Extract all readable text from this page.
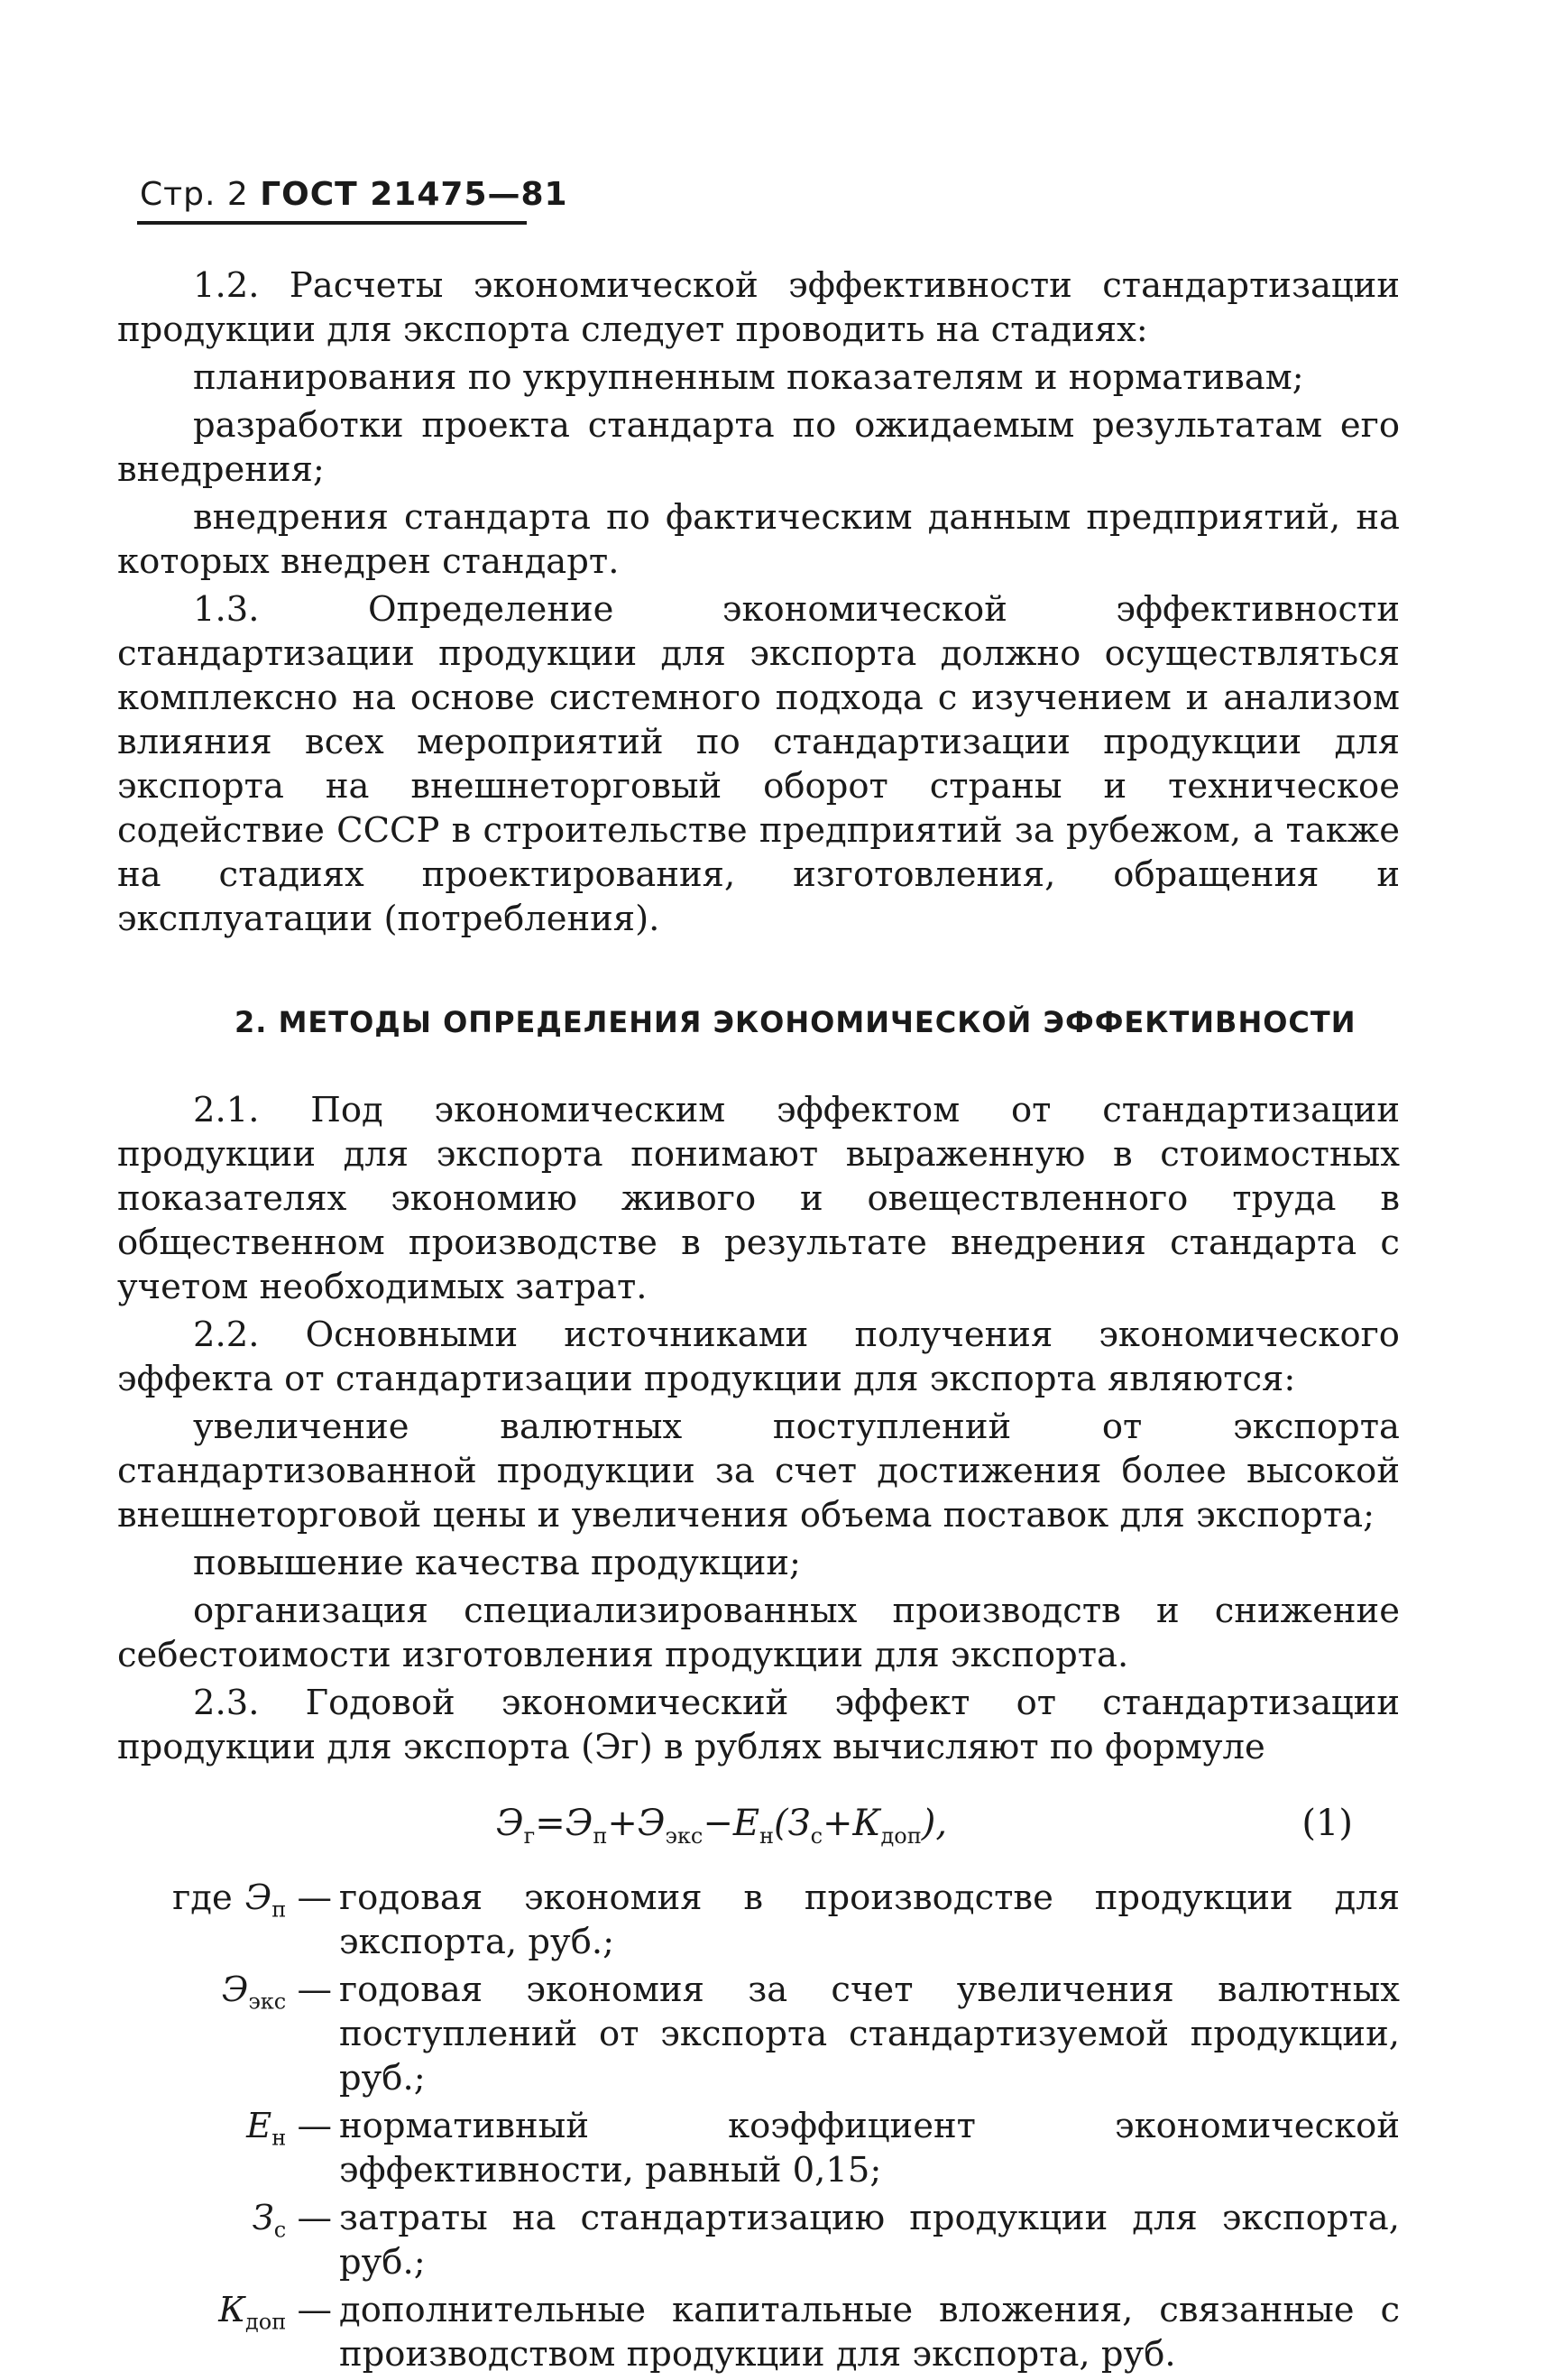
Стр. 2 ГОСТ 21475—81

1.2. Расчеты экономической эффективности стандартизации продукции для экспорта следует проводить на стадиях:

планирования по укрупненным показателям и нормативам;

разработки проекта стандарта по ожидаемым результатам его внедрения;

внедрения стандарта по фактическим данным предприятий, на которых внедрен стандарт.

1.3. Определение экономической эффективности стандартизации продукции для экспорта должно осуществляться комплексно на основе системного подхода с изучением и анализом влияния всех мероприятий по стандартизации продукции для экспорта на внешнеторговый оборот страны и техническое содействие СССР в строительстве предприятий за рубежом, а также на стадиях проектирования, изготовления, обращения и эксплуатации (потребления).

2. МЕТОДЫ ОПРЕДЕЛЕНИЯ ЭКОНОМИЧЕСКОЙ ЭФФЕКТИВНОСТИ

2.1. Под экономическим эффектом от стандартизации продукции для экспорта понимают выраженную в стоимостных показателях экономию живого и овеществленного труда в общественном производстве в результате внедрения стандарта с учетом необходимых затрат.

2.2. Основными источниками получения экономического эффекта от стандартизации продукции для экспорта являются:

увеличение валютных поступлений от экспорта стандартизованной продукции за счет достижения более высокой внешнеторговой цены и увеличения объема поставок для экспорта;

повышение качества продукции;

организация специализированных производств и снижение себестоимости изготовления продукции для экспорта.

2.3. Годовой экономический эффект от стандартизации продукции для экспорта (Эг) в рублях вычисляют по формуле

$Э_г=Э_п+Э_{экс}-Е_н(З_с+К_{доп})$,	(1)
где $Э_п$ — годовая экономия в производстве продукции для экспорта, руб.;
$Э_{экс}$ — годовая экономия за счет увеличения валютных поступлений от экспорта стандартизуемой продукции, руб.;
$Е_н$ — нормативный коэффициент экономической эффективности, равный 0,15;
$З_с$ — затраты на стандартизацию продукции для экспорта, руб.;
$К_{доп}$ — дополнительные капитальные вложения, связанные с производством продукции для экспорта, руб.
